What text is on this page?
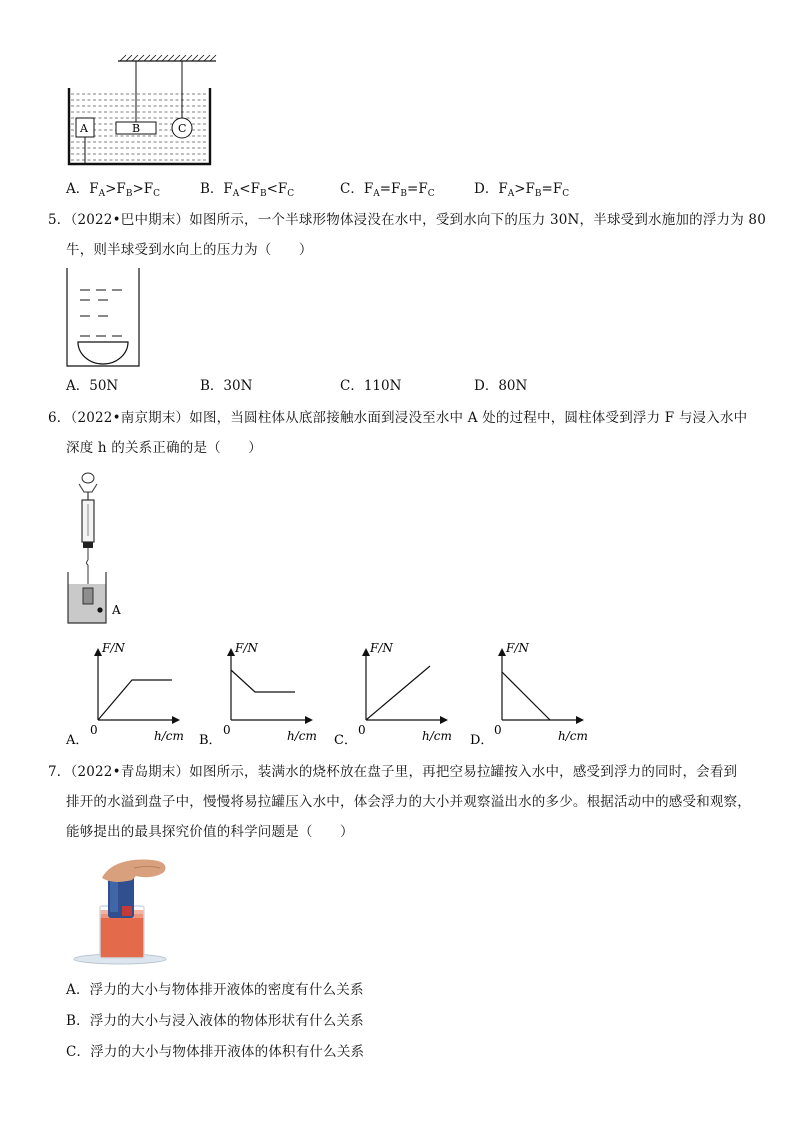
A	B	C
A．$F_A>F_B>F_C$	B．$F_A<F_B<F_C$	C．$F_A=F_B=F_C$	D．$F_A>F_B=F_C$
5．（2022•巴中期末）如图所示，一个半球形物体浸没在水中，受到水向下的压力 30N，半球受到水施加的浮力为 80
牛，则半球受到水向上的压力为（　　）
A．50N	B．30N	C．110N	D．80N
6．（2022•南京期末）如图，当圆柱体从底部接触水面到浸没至水中 A 处的过程中，圆柱体受到浮力 F 与浸入水中
深度 h 的关系正确的是（　　）
A
F/N
0	h/cm
A．
F/N
0	h/cm
B．
F/N
0	h/cm
C．
F/N
0	h/cm
D．
7．（2022•青岛期末）如图所示，装满水的烧杯放在盘子里，再把空易拉罐按入水中，感受到浮力的同时，会看到
排开的水溢到盘子中，慢慢将易拉罐压入水中，体会浮力的大小并观察溢出水的多少。根据活动中的感受和观察，
能够提出的最具探究价值的科学问题是（　　）
A．浮力的大小与物体排开液体的密度有什么关系
B．浮力的大小与浸入液体的物体形状有什么关系
C．浮力的大小与物体排开液体的体积有什么关系
